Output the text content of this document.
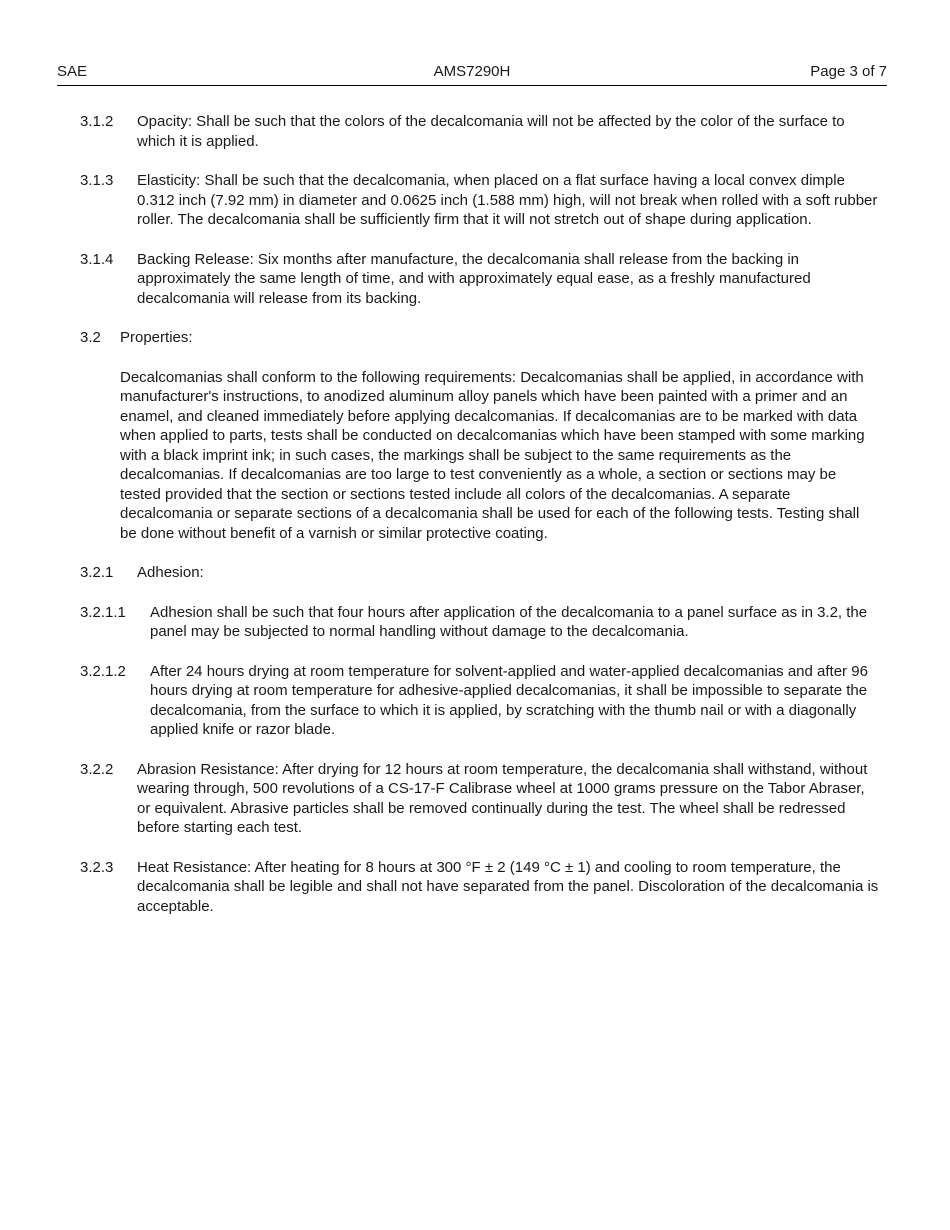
SAE	AMS7290H	Page 3 of 7
3.1.2	Opacity: Shall be such that the colors of the decalcomania will not be affected by the color of the surface to which it is applied.
3.1.3	Elasticity: Shall be such that the decalcomania, when placed on a flat surface having a local convex dimple 0.312 inch (7.92 mm) in diameter and 0.0625 inch (1.588 mm) high, will not break when rolled with a soft rubber roller. The decalcomania shall be sufficiently firm that it will not stretch out of shape during application.
3.1.4	Backing Release: Six months after manufacture, the decalcomania shall release from the backing in approximately the same length of time, and with approximately equal ease, as a freshly manufactured decalcomania will release from its backing.
3.2	Properties:
Decalcomanias shall conform to the following requirements: Decalcomanias shall be applied, in accordance with manufacturer's instructions, to anodized aluminum alloy panels which have been painted with a primer and an enamel, and cleaned immediately before applying decalcomanias. If decalcomanias are to be marked with data when applied to parts, tests shall be conducted on decalcomanias which have been stamped with some marking with a black imprint ink; in such cases, the markings shall be subject to the same requirements as the decalcomanias. If decalcomanias are too large to test conveniently as a whole, a section or sections may be tested provided that the section or sections tested include all colors of the decalcomanias. A separate decalcomania or separate sections of a decalcomania shall be used for each of the following tests. Testing shall be done without benefit of a varnish or similar protective coating.
3.2.1	Adhesion:
3.2.1.1	Adhesion shall be such that four hours after application of the decalcomania to a panel surface as in 3.2, the panel may be subjected to normal handling without damage to the decalcomania.
3.2.1.2	After 24 hours drying at room temperature for solvent-applied and water-applied decalcomanias and after 96 hours drying at room temperature for adhesive-applied decalcomanias, it shall be impossible to separate the decalcomania, from the surface to which it is applied, by scratching with the thumb nail or with a diagonally applied knife or razor blade.
3.2.2	Abrasion Resistance: After drying for 12 hours at room temperature, the decalcomania shall withstand, without wearing through, 500 revolutions of a CS-17-F Calibrase wheel at 1000 grams pressure on the Tabor Abraser, or equivalent. Abrasive particles shall be removed continually during the test. The wheel shall be redressed before starting each test.
3.2.3	Heat Resistance: After heating for 8 hours at 300 °F ± 2 (149 °C ± 1) and cooling to room temperature, the decalcomania shall be legible and shall not have separated from the panel. Discoloration of the decalcomania is acceptable.
